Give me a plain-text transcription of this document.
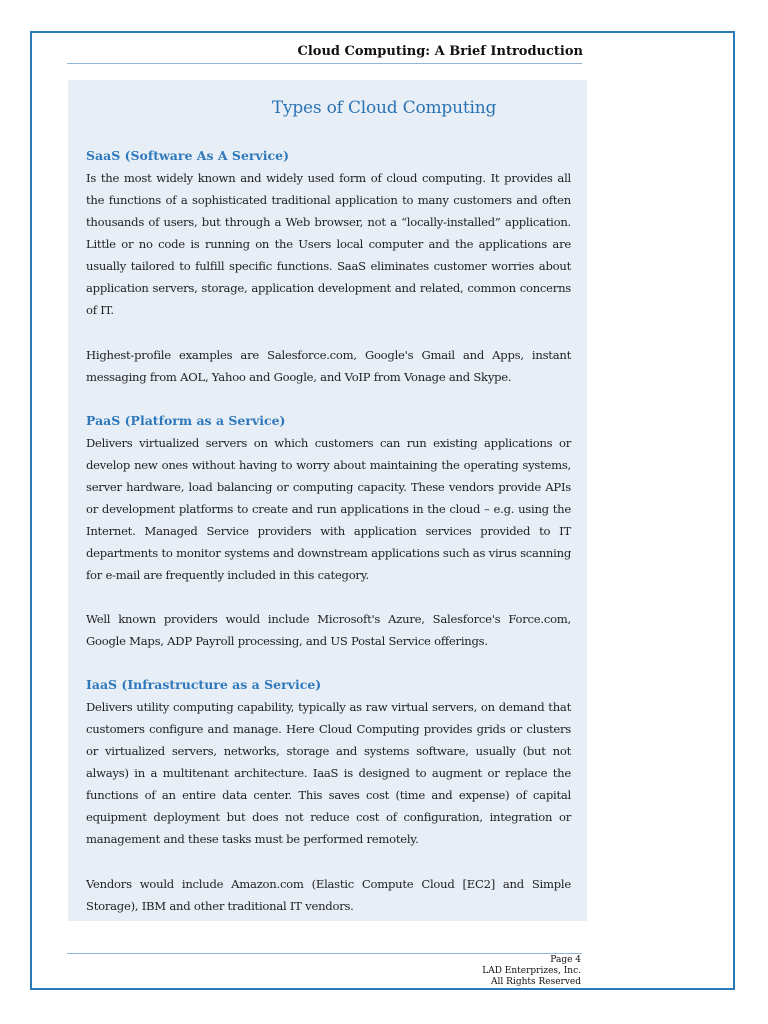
Cloud Computing: A Brief Introduction
Types of Cloud Computing
SaaS (Software As A Service)

Is the most widely known and widely used form of cloud computing. It provides all the functions of a sophisticated traditional application to many customers and often thousands of users, but through a Web browser, not a “locally-installed” application. Little or no code is running on the Users local computer and the applications are usually tailored to fulfill specific functions. SaaS eliminates customer worries about application servers, storage, application development and related, common concerns of IT.

Highest-profile examples are Salesforce.com, Google's Gmail and Apps, instant messaging from AOL, Yahoo and Google, and VoIP from Vonage and Skype.

PaaS (Platform as a Service)

Delivers virtualized servers on which customers can run existing applications or develop new ones without having to worry about maintaining the operating systems, server hardware, load balancing or computing capacity. These vendors provide APIs or development platforms to create and run applications in the cloud – e.g. using the Internet. Managed Service providers with application services provided to IT departments to monitor systems and downstream applications such as virus scanning for e-mail are frequently included in this category.

Well known providers would include Microsoft's Azure, Salesforce's Force.com, Google Maps, ADP Payroll processing, and US Postal Service offerings.

IaaS (Infrastructure as a Service)

Delivers utility computing capability, typically as raw virtual servers, on demand that customers configure and manage. Here Cloud Computing provides grids or clusters or virtualized servers, networks, storage and systems software, usually (but not always) in a multitenant architecture. IaaS is designed to augment or replace the functions of an entire data center. This saves cost (time and expense) of capital equipment deployment but does not reduce cost of configuration, integration or management and these tasks must be performed remotely.

Vendors would include Amazon.com (Elastic Compute Cloud [EC2] and Simple Storage), IBM and other traditional IT vendors.

Page 4
LAD Enterprizes, Inc.
All Rights Reserved
